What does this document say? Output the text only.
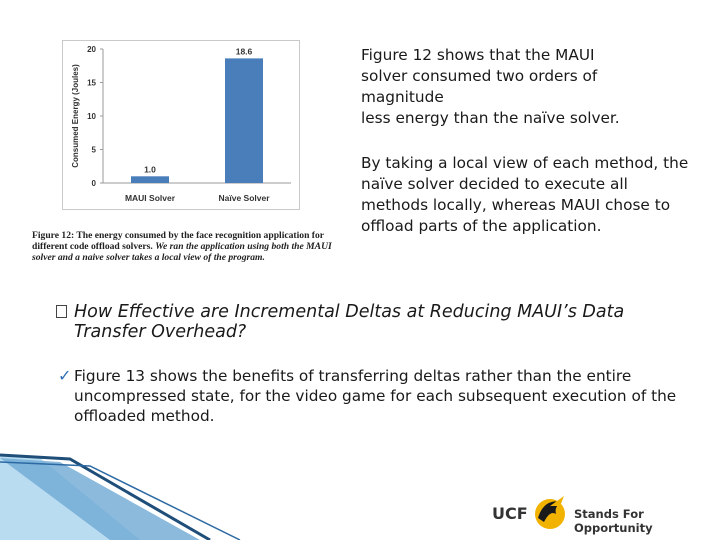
0
5
10
15
20
Consumed Energy (Joules)
1.0
MAUI Solver
18.6
Naïve Solver
Figure 12: The energy consumed by the face recognition application for different code offload solvers. We ran the application using both the MAUI solver and a naive solver takes a local view of the program.
Figure 12 shows that the MAUI
solver consumed two orders of
magnitude
less energy than the naïve solver.
By taking a local view of each method, the naïve solver decided to execute all methods locally, whereas MAUI chose to offload parts of the application.
How Effective are Incremental Deltas at Reducing MAUI’s Data Transfer Overhead?
✓ Figure 13 shows the benefits of transferring deltas rather than the entire uncompressed state, for the video game for each subsequent execution of the offloaded method.
UCF	Stands For Opportunity
